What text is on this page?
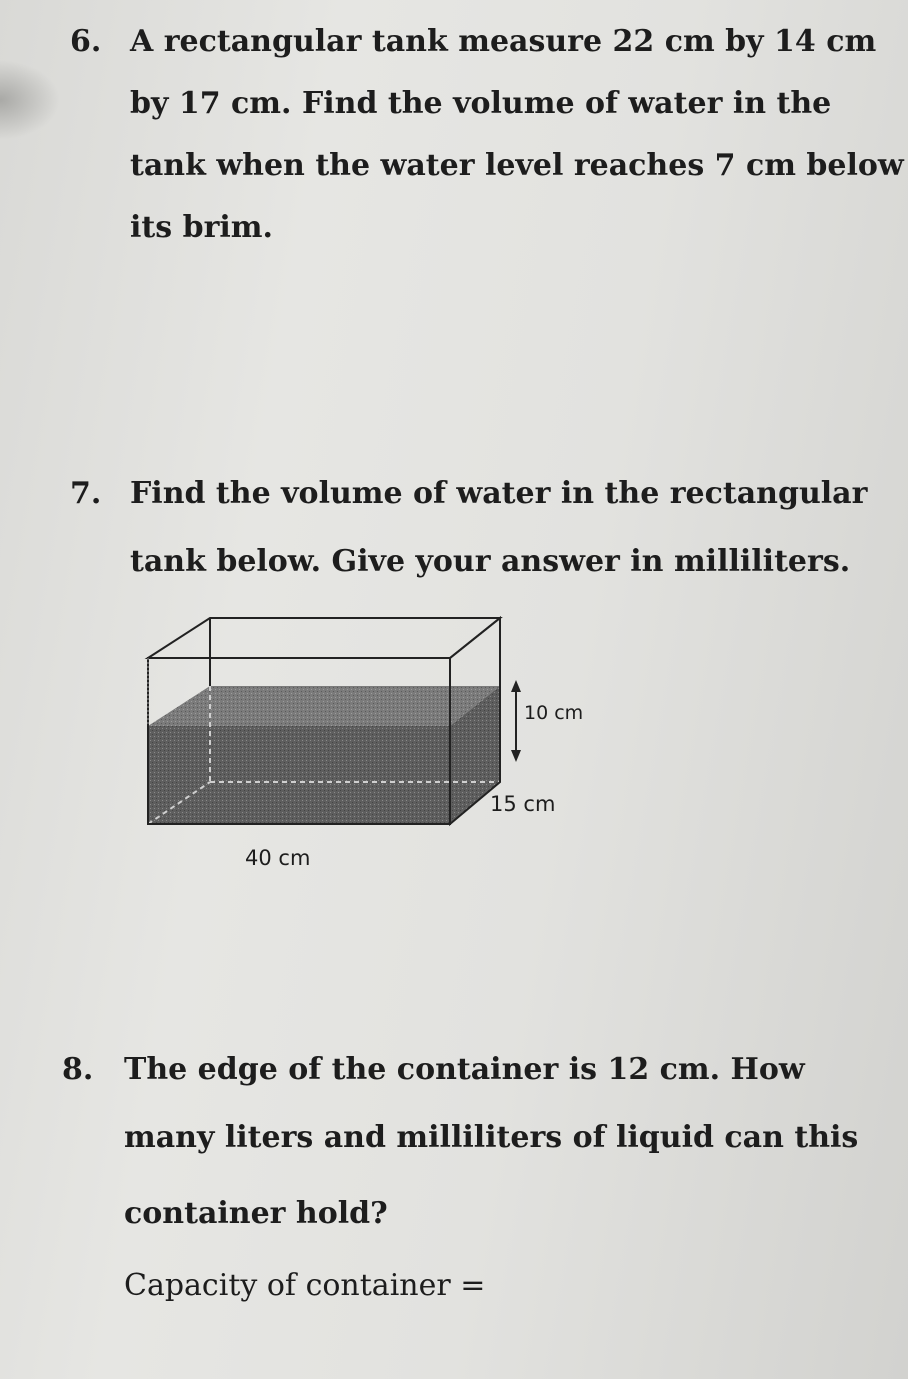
6. A rectangular tank measure 22 cm by 14 cm
by 17 cm. Find the volume of water in the
tank when the water level reaches 7 cm below
its brim.
7. Find the volume of water in the rectangular
tank below. Give your answer in milliliters.
10 cm
15 cm
40 cm
8. The edge of the container is 12 cm. How
many liters and milliliters of liquid can this
container hold?
Capacity of container =
